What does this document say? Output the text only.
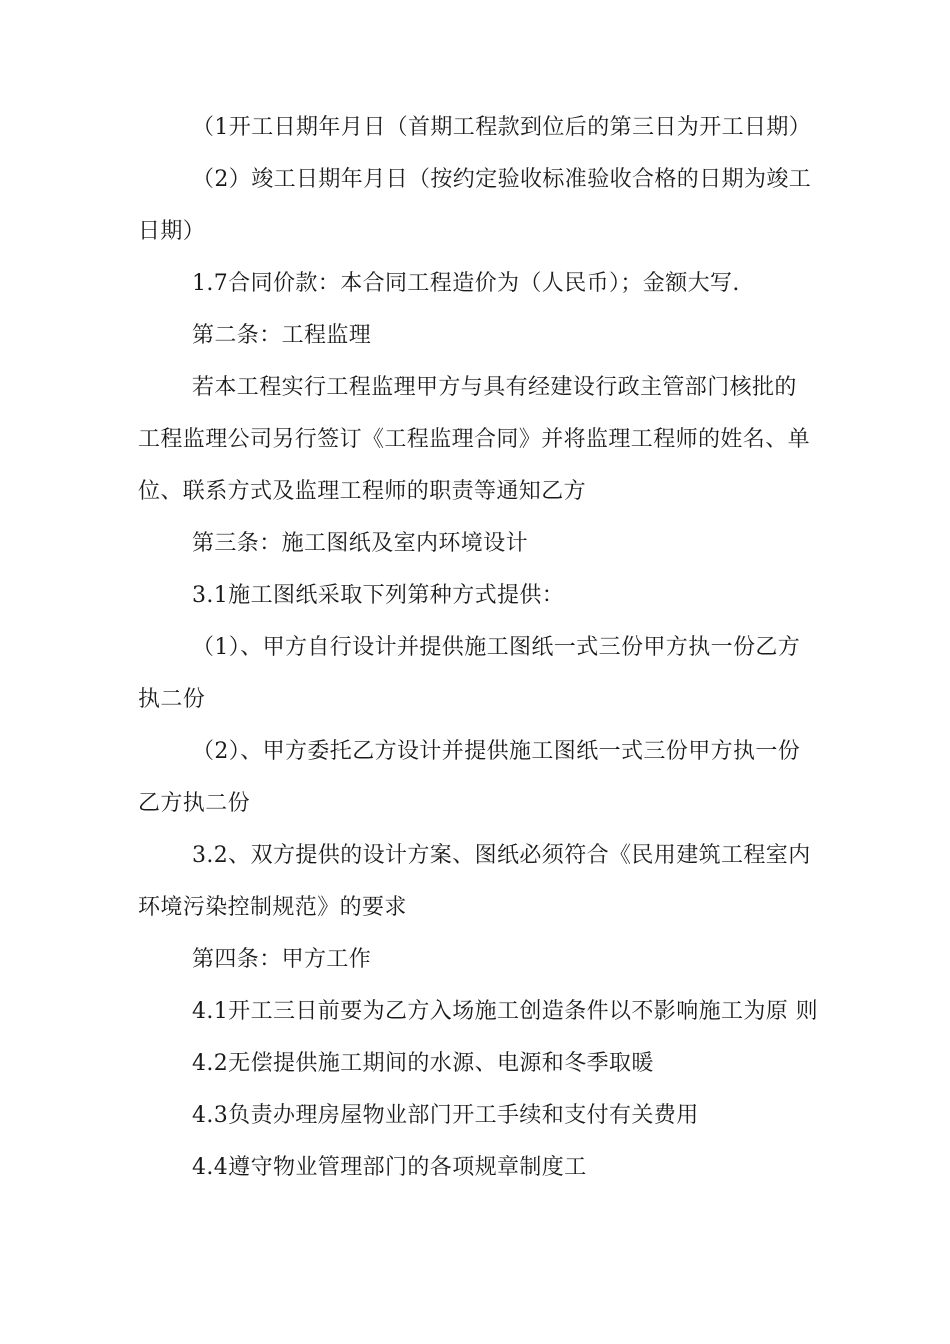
（1开工日期年月日（首期工程款到位后的第三日为开工日期）

（2）竣工日期年月日（按约定验收标准验收合格的日期为竣工

日期）

1.7合同价款：本合同工程造价为（人民币）；金额大写.

第二条：工程监理

若本工程实行工程监理甲方与具有经建设行政主管部门核批的

工程监理公司另行签订《工程监理合同》并将监理工程师的姓名、单

位、联系方式及监理工程师的职责等通知乙方

第三条：施工图纸及室内环境设计

3.1施工图纸采取下列第种方式提供：

（1）、甲方自行设计并提供施工图纸一式三份甲方执一份乙方

执二份

（2）、甲方委托乙方设计并提供施工图纸一式三份甲方执一份

乙方执二份

3.2、双方提供的设计方案、图纸必须符合《民用建筑工程室内

环境污染控制规范》的要求

第四条：甲方工作

4.1开工三日前要为乙方入场施工创造条件以不影响施工为原 则

4.2无偿提供施工期间的水源、电源和冬季取暖

4.3负责办理房屋物业部门开工手续和支付有关费用

4.4遵守物业管理部门的各项规章制度工
